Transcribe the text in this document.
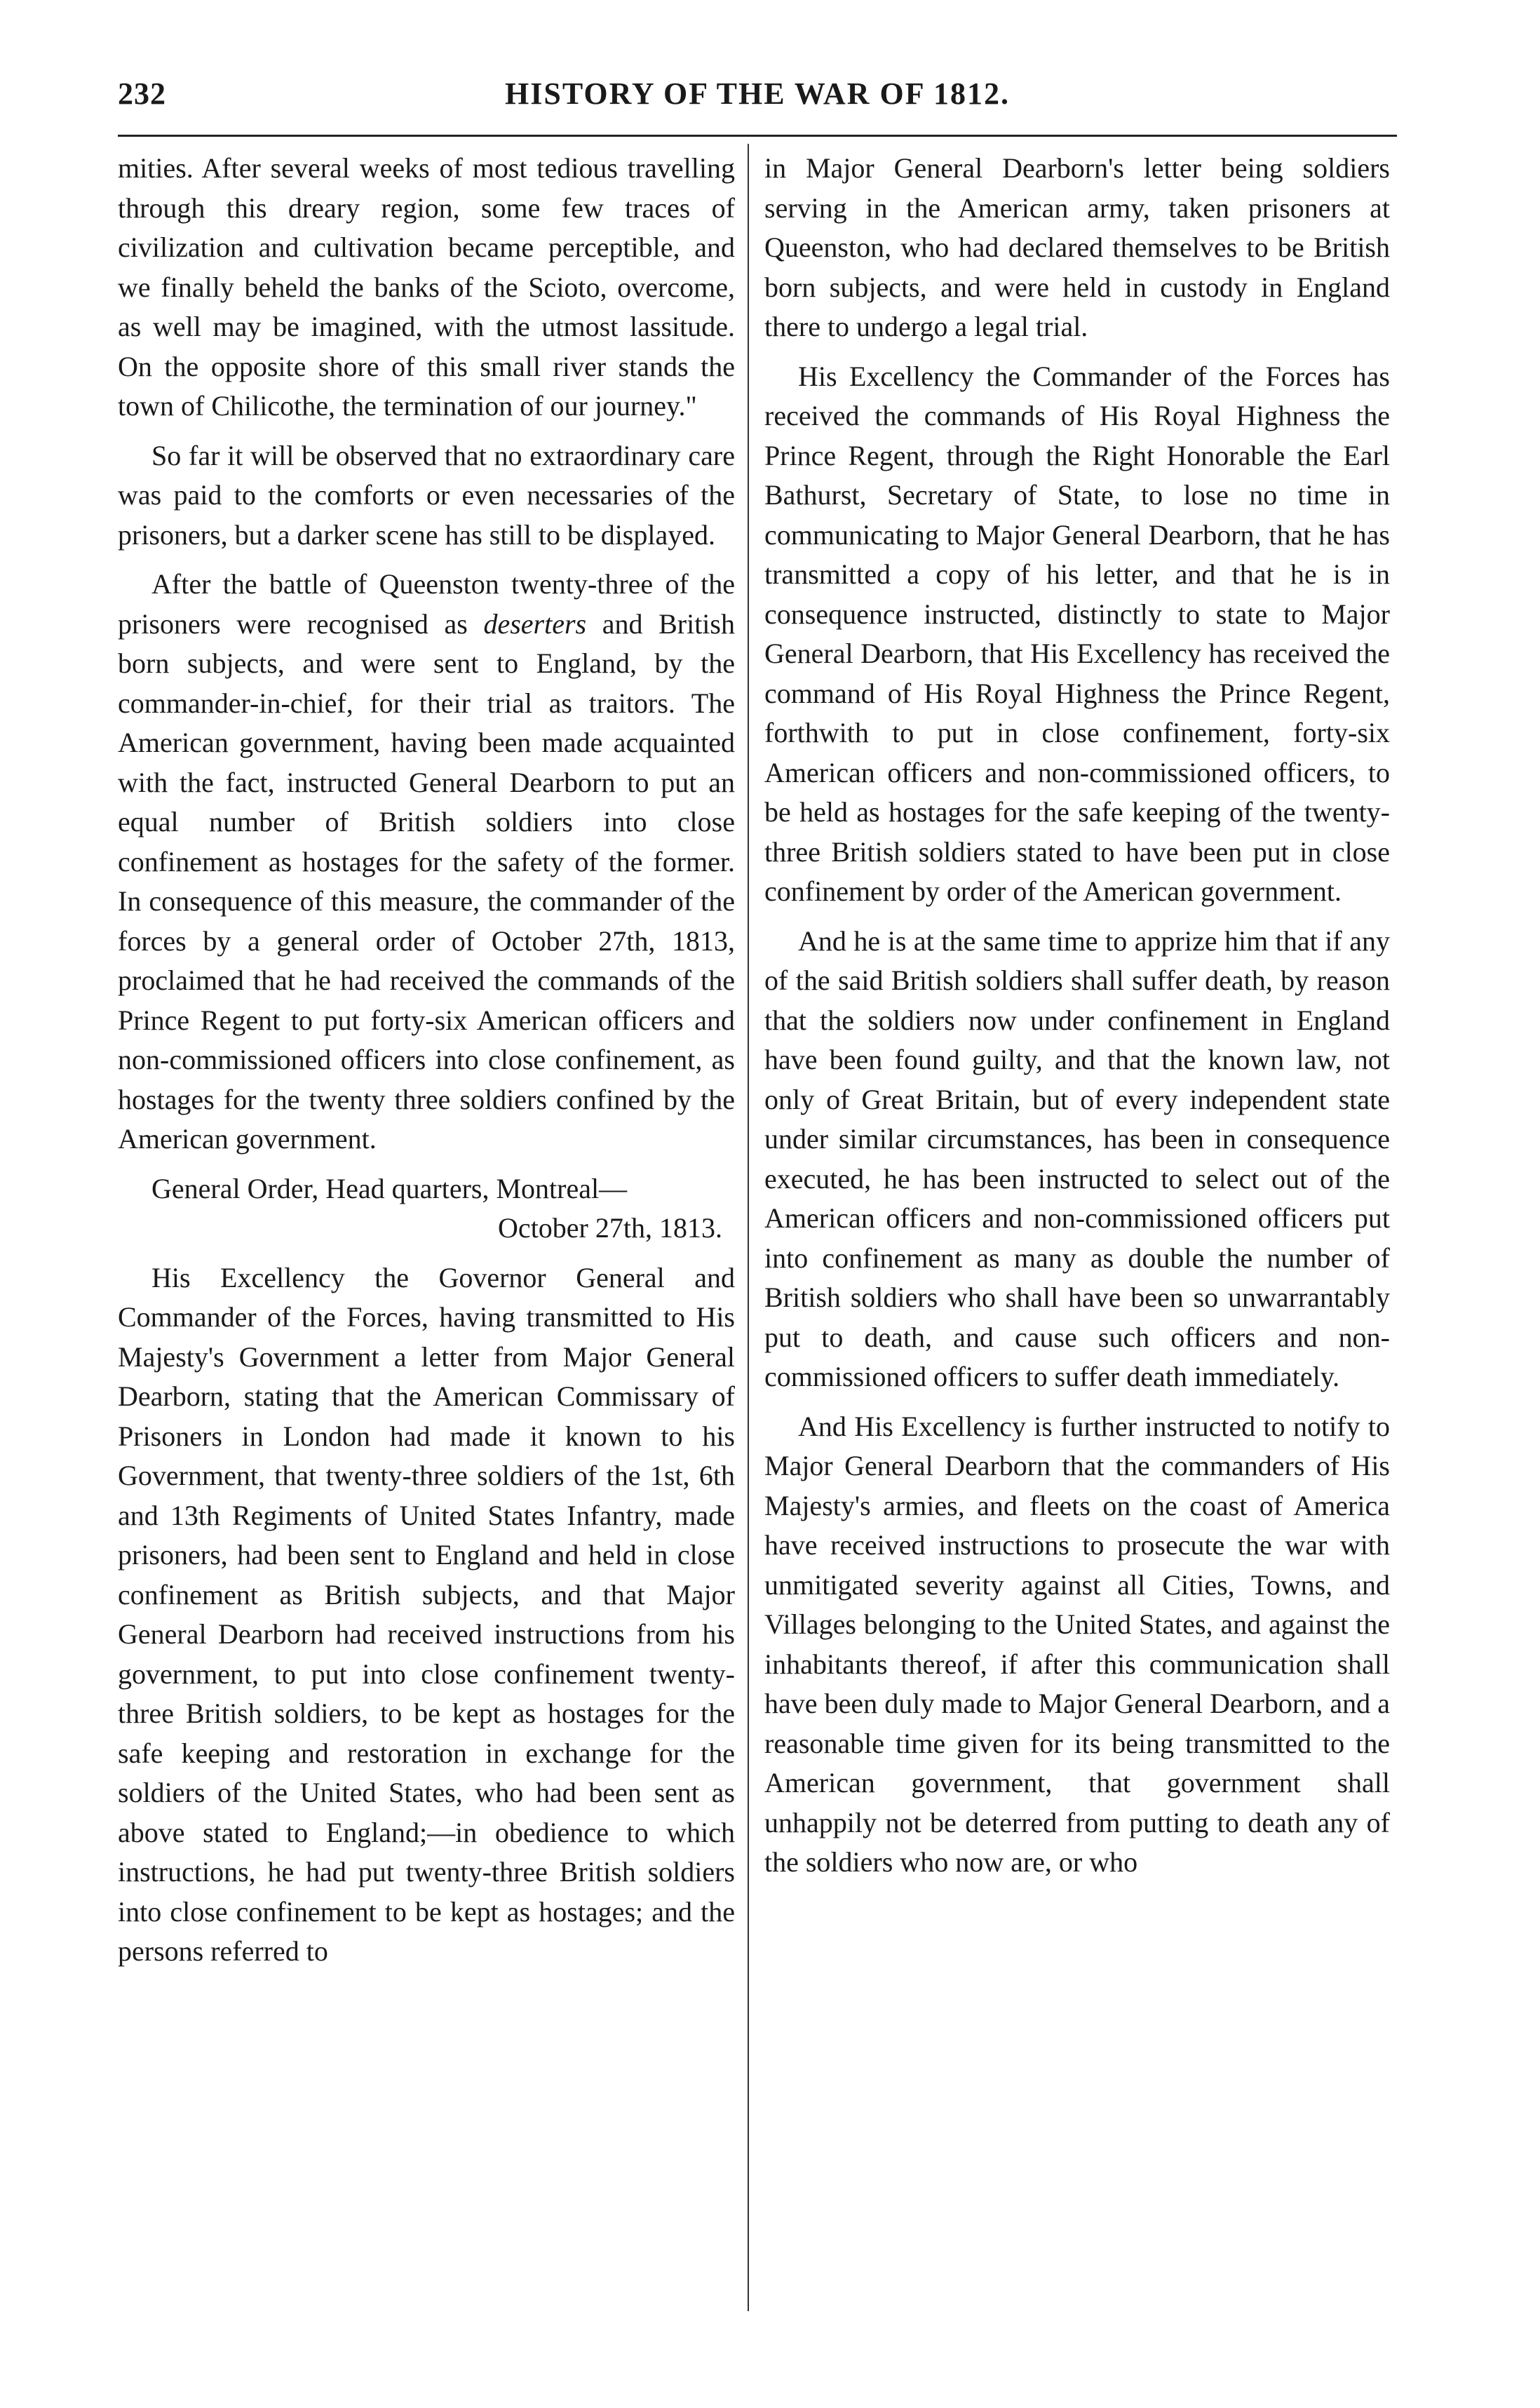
232	HISTORY OF THE WAR OF 1812.

mities. After several weeks of most tedious travelling through this dreary region, some few traces of civilization and cultivation became perceptible, and we finally beheld the banks of the Scioto, overcome, as well may be imagined, with the utmost lassitude. On the opposite shore of this small river stands the town of Chilicothe, the termination of our journey."

So far it will be observed that no extraordinary care was paid to the comforts or even necessaries of the prisoners, but a darker scene has still to be displayed.

After the battle of Queenston twenty-three of the prisoners were recognised as deserters and British born subjects, and were sent to England, by the commander-in-chief, for their trial as traitors. The American government, having been made acquainted with the fact, instructed General Dearborn to put an equal number of British soldiers into close confinement as hostages for the safety of the former. In consequence of this measure, the commander of the forces by a general order of October 27th, 1813, proclaimed that he had received the commands of the Prince Regent to put forty-six American officers and non-commissioned officers into close confinement, as hostages for the twenty three soldiers confined by the American government.

General Order, Head quarters, Montreal—

October 27th, 1813.

His Excellency the Governor General and Commander of the Forces, having transmitted to His Majesty's Government a letter from Major General Dearborn, stating that the American Commissary of Prisoners in London had made it known to his Government, that twenty-three soldiers of the 1st, 6th and 13th Regiments of United States Infantry, made prisoners, had been sent to England and held in close confinement as British subjects, and that Major General Dearborn had received instructions from his government, to put into close confinement twenty-three British soldiers, to be kept as hostages for the safe keeping and restoration in exchange for the soldiers of the United States, who had been sent as above stated to England;—in obedience to which instructions, he had put twenty-three British soldiers into close confinement to be kept as hostages; and the persons referred to

in Major General Dearborn's letter being soldiers serving in the American army, taken prisoners at Queenston, who had declared themselves to be British born subjects, and were held in custody in England there to undergo a legal trial.

His Excellency the Commander of the Forces has received the commands of His Royal Highness the Prince Regent, through the Right Honorable the Earl Bathurst, Secretary of State, to lose no time in communicating to Major General Dearborn, that he has transmitted a copy of his letter, and that he is in consequence instructed, distinctly to state to Major General Dearborn, that His Excellency has received the command of His Royal Highness the Prince Regent, forthwith to put in close confinement, forty-six American officers and non-commissioned officers, to be held as hostages for the safe keeping of the twenty-three British soldiers stated to have been put in close confinement by order of the American government.

And he is at the same time to apprize him that if any of the said British soldiers shall suffer death, by reason that the soldiers now under confinement in England have been found guilty, and that the known law, not only of Great Britain, but of every independent state under similar circumstances, has been in consequence executed, he has been instructed to select out of the American officers and non-commissioned officers put into confinement as many as double the number of British soldiers who shall have been so unwarrantably put to death, and cause such officers and non-commissioned officers to suffer death immediately.

And His Excellency is further instructed to notify to Major General Dearborn that the commanders of His Majesty's armies, and fleets on the coast of America have received instructions to prosecute the war with unmitigated severity against all Cities, Towns, and Villages belonging to the United States, and against the inhabitants thereof, if after this communication shall have been duly made to Major General Dearborn, and a reasonable time given for its being transmitted to the American government, that government shall unhappily not be deterred from putting to death any of the soldiers who now are, or who
